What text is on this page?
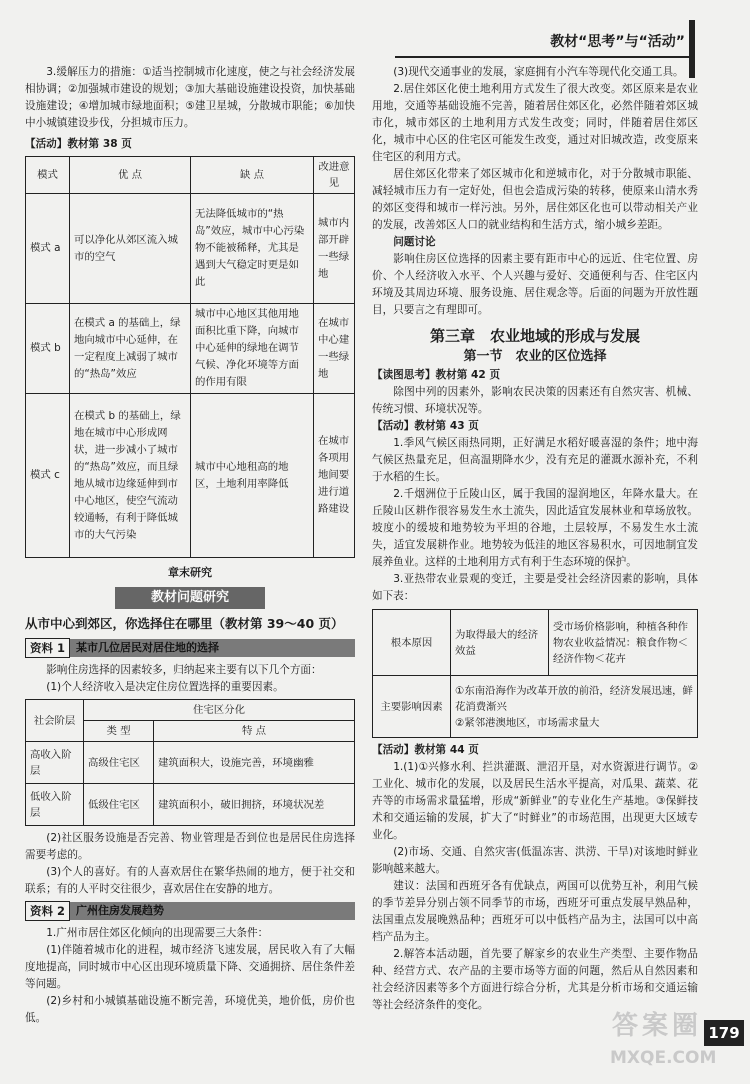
教材“思考”与“活动”

3.缓解压力的措施：①适当控制城市化速度，使之与社会经济发展相协调；②加强城市建设的规划；③加大基础设施建设投资，加快基础设施建设；④增加城市绿地面积；⑤建卫星城，分散城市职能；⑥加快中小城镇建设步伐，分担城市压力。

【活动】教材第 38 页

模式	优 点	缺 点	改进意见
模式 a	可以净化从郊区流入城市的空气	无法降低城市的“热岛”效应，城市中心污染物不能被稀释，尤其是遇到大气稳定时更是如此	城市内部开辟一些绿地
模式 b	在模式 a 的基础上，绿地向城市中心延伸，在一定程度上减弱了城市的“热岛”效应	城市中心地区其他用地面积比重下降，向城市中心延伸的绿地在调节气候、净化环境等方面的作用有限	在城市中心建一些绿地
模式 c	在模式 b 的基础上，绿地在城市中心形成网状，进一步减小了城市的“热岛”效应，而且绿地从城市边缘延伸到市中心地区，使空气流动较通畅，有利于降低城市的大气污染	城市中心地租高的地区，土地利用率降低	在城市各项用地间要进行道路建设
章末研究
教材问题研究
从市中心到郊区，你选择住在哪里（教材第 39～40 页）
资料 1	某市几位居民对居住地的选择

影响住房选择的因素较多，归纳起来主要有以下几个方面：

(1)个人经济收入是决定住房位置选择的重要因素。

社会阶层	住宅区分化	
	类 型	特 点
高收入阶层	高级住宅区	建筑面积大，设施完善，环境幽雅
低收入阶层	低级住宅区	建筑面积小，破旧拥挤，环境状况差

(2)社区服务设施是否完善、物业管理是否到位也是居民住房选择需要考虑的。

(3)个人的喜好。有的人喜欢居住在繁华热闹的地方，便于社交和联系；有的人平时交往很少，喜欢居住在安静的地方。

资料 2	广州住房发展趋势

1.广州市居住郊区化倾向的出现需要三大条件：

(1)伴随着城市化的进程，城市经济飞速发展，居民收入有了大幅度地提高，同时城市中心区出现环境质量下降、交通拥挤、居住条件差等问题。

(2)乡村和小城镇基础设施不断完善，环境优美，地价低，房价也低。

(3)现代交通事业的发展，家庭拥有小汽车等现代化交通工具。

2.居住郊区化使土地利用方式发生了很大改变。郊区原来是农业用地，交通等基础设施不完善，随着居住郊区化，必然伴随着郊区城市化，城市郊区的土地利用方式发生改变；同时，伴随着居住郊区化，城市中心区的住宅区可能发生改变，通过对旧城改造，改变原来住宅区的利用方式。

居住郊区化带来了郊区城市化和逆城市化，对于分散城市职能、减轻城市压力有一定好处，但也会造成污染的转移，使原来山清水秀的郊区变得和城市一样污浊。另外，居住郊区化也可以带动相关产业的发展，改善郊区人口的就业结构和生活方式，缩小城乡差距。

问题讨论

影响住房区位选择的因素主要有距市中心的远近、住宅位置、房价、个人经济收入水平、个人兴趣与爱好、交通便利与否、住宅区内环境及其周边环境、服务设施、居住观念等。后面的问题为开放性题目，只要言之有理即可。

第三章　农业地域的形成与发展
第一节　农业的区位选择

【读图思考】教材第 42 页

除图中列的因素外，影响农民决策的因素还有自然灾害、机械、传统习惯、环境状况等。

【活动】教材第 43 页

1.季风气候区雨热同期，正好满足水稻好暖喜湿的条件；地中海气候区热量充足，但高温期降水少，没有充足的灌溉水源补充，不利于水稻的生长。

2.千烟洲位于丘陵山区，属于我国的湿润地区，年降水量大。在丘陵山区耕作很容易发生水土流失，因此适宜发展林业和草场放牧。坡度小的缓坡和地势较为平坦的谷地，土层较厚，不易发生水土流失，适宜发展耕作业。地势较为低洼的地区容易积水，可因地制宜发展养鱼业。这样的土地利用方式有利于生态环境的保护。

3.亚热带农业景观的变迁，主要是受社会经济因素的影响，具体如下表：

根本原因	为取得最大的经济效益	受市场价格影响，种植各种作物农业收益情况：粮食作物＜经济作物＜花卉
主要影响因素	①东南沿海作为改革开放的前沿，经济发展迅速，鲜花消费渐兴
②紧邻港澳地区，市场需求量大	

【活动】教材第 44 页

1.(1)①兴修水利、拦洪灌溉、泄沼开垦，对水资源进行调节。②工业化、城市化的发展，以及居民生活水平提高，对瓜果、蔬菜、花卉等的市场需求量猛增，形成“新鲜业”的专业化生产基地。③保鲜技术和交通运输的发展，扩大了“时鲜业”的市场范围，出现更大区域专业化。

(2)市场、交通、自然灾害(低温冻害、洪涝、干旱)对该地时鲜业影响越来越大。

建议：法国和西班牙各有优缺点，两国可以优势互补，利用气候的季节差异分别占领不同季节的市场，西班牙可重点发展早熟品种，法国重点发展晚熟品种；西班牙可以中低档产品为主，法国可以中高档产品为主。

2.解答本活动题，首先要了解家乡的农业生产类型、主要作物品种、经营方式、农产品的主要市场等方面的问题，然后从自然因素和社会经济因素等多个方面进行综合分析，尤其是分析市场和交通运输等社会经济条件的变化。

答案圈
MXQE.COM
179
